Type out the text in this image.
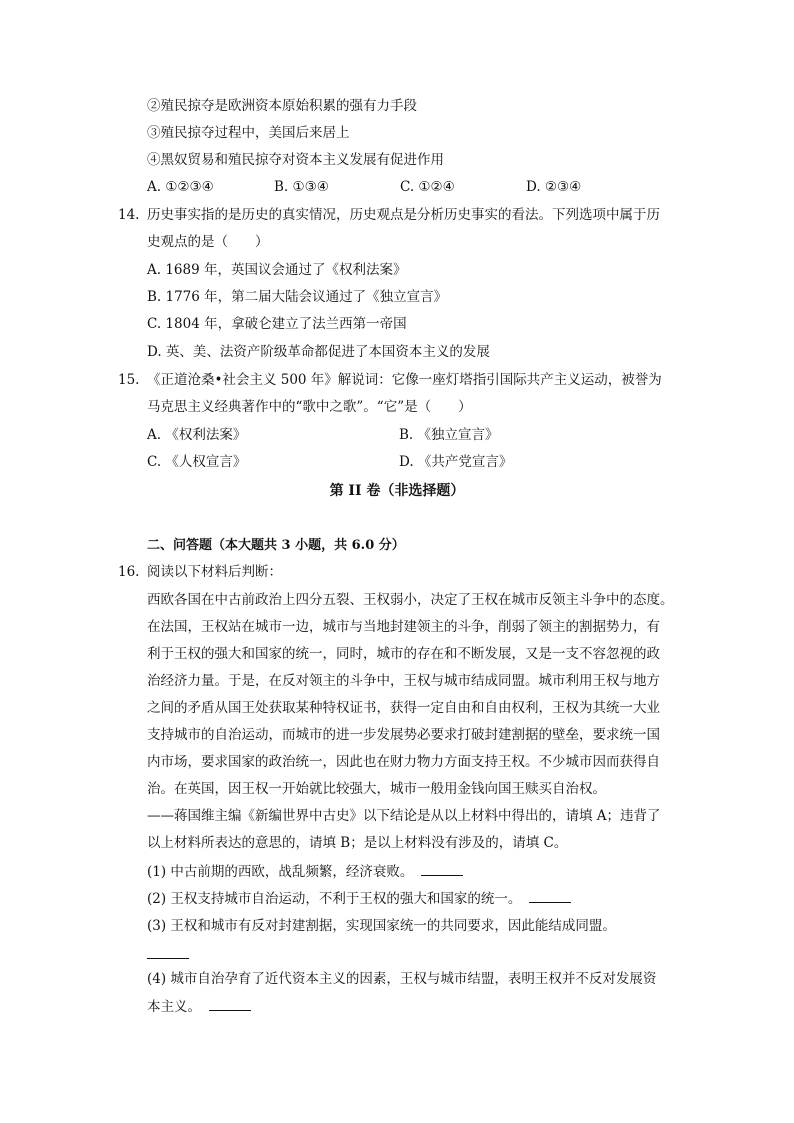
②殖民掠夺是欧洲资本原始积累的强有力手段
③殖民掠夺过程中，美国后来居上
④黑奴贸易和殖民掠夺对资本主义发展有促进作用
A. ①②③④	B. ①③④	C. ①②④	D. ②③④
14. 历史事实指的是历史的真实情况，历史观点是分析历史事实的看法。下列选项中属于历
史观点的是（　　）
A. 1689 年，英国议会通过了《权利法案》
B. 1776 年，第二届大陆会议通过了《独立宣言》
C. 1804 年，拿破仑建立了法兰西第一帝国
D. 英、美、法资产阶级革命都促进了本国资本主义的发展
15. 《正道沧桑•社会主义 500 年》解说词：它像一座灯塔指引国际共产主义运动，被誉为
马克思主义经典著作中的“歌中之歌”。“它”是（　　）
A. 《权利法案》	B. 《独立宣言》
C. 《人权宣言》	D. 《共产党宣言》
第 II 卷（非选择题）
二、问答题（本大题共 3 小题，共 6.0 分）
16. 阅读以下材料后判断：
西欧各国在中古前政治上四分五裂、王权弱小，决定了王权在城市反领主斗争中的态度。
在法国，王权站在城市一边，城市与当地封建领主的斗争，削弱了领主的割据势力，有
利于王权的强大和国家的统一，同时，城市的存在和不断发展，又是一支不容忽视的政
治经济力量。于是，在反对领主的斗争中，王权与城市结成同盟。城市利用王权与地方
之间的矛盾从国王处获取某种特权证书，获得一定自由和自由权利，王权为其统一大业
支持城市的自治运动，而城市的进一步发展势必要求打破封建割据的壁垒，要求统一国
内市场，要求国家的政治统一，因此也在财力物力方面支持王权。不少城市因而获得自
治。在英国，因王权一开始就比较强大，城市一般用金钱向国王赎买自治权。
——蒋国维主编《新编世界中古史》以下结论是从以上材料中得出的，请填 A；违背了
以上材料所表达的意思的，请填 B；是以上材料没有涉及的，请填 C。
(1) 中古前期的西欧，战乱频繁，经济衰败。
(2) 王权支持城市自治运动，不利于王权的强大和国家的统一。
(3) 王权和城市有反对封建割据，实现国家统一的共同要求，因此能结成同盟。
(4) 城市自治孕育了近代资本主义的因素，王权与城市结盟，表明王权并不反对发展资
本主义。
